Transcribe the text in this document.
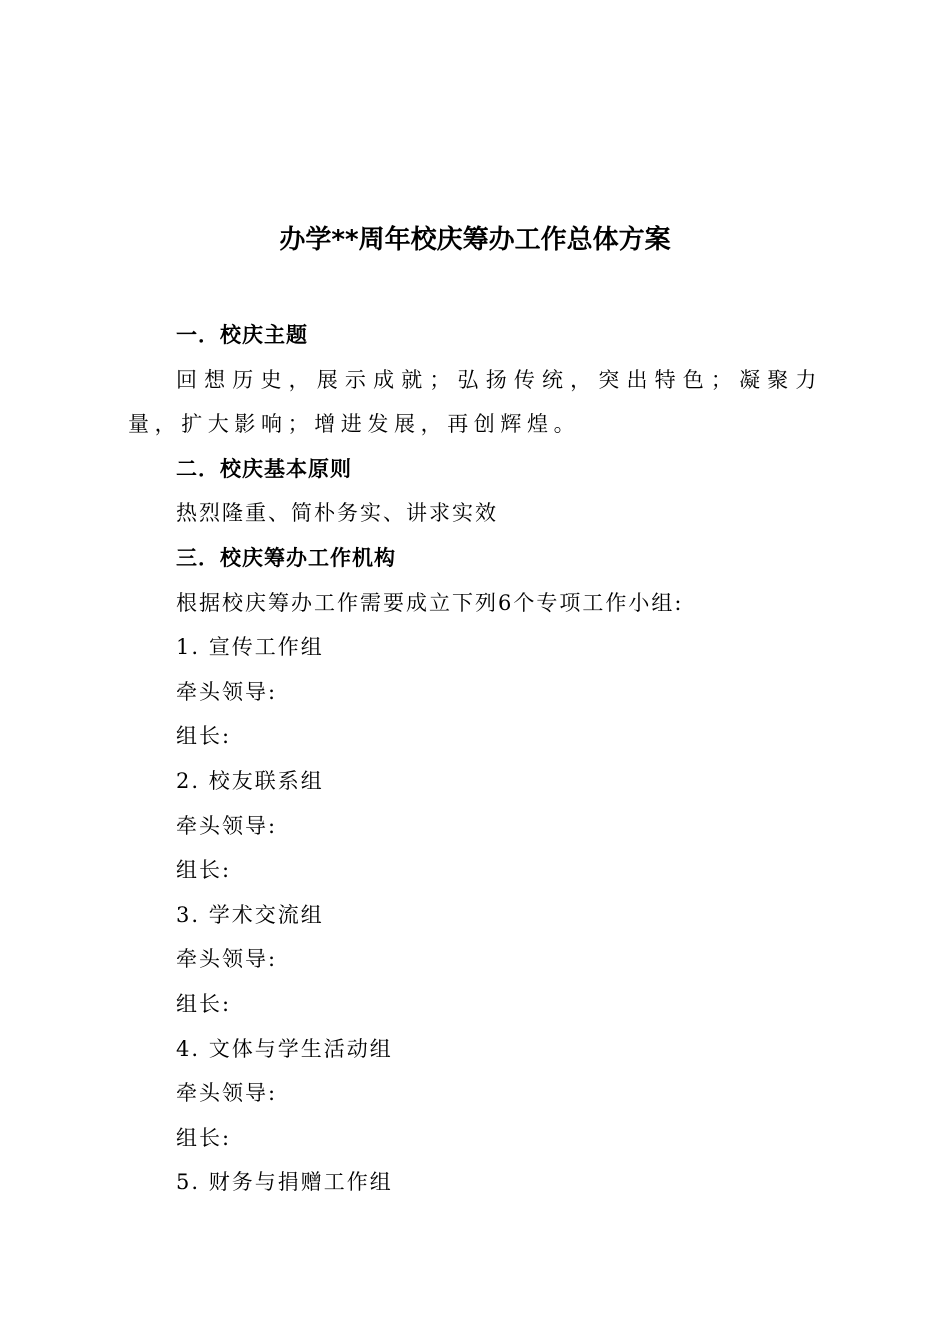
办学**周年校庆筹办工作总体方案
一．校庆主题
回想历史，展示成就；弘扬传统，突出特色；凝聚力量，扩大影响；增进发展，再创辉煌。
二．校庆基本原则
热烈隆重、简朴务实、讲求实效
三．校庆筹办工作机构
根据校庆筹办工作需要成立下列6个专项工作小组:
1. 宣传工作组
牵头领导:
组长:
2. 校友联系组
牵头领导:
组长:
3. 学术交流组
牵头领导:
组长:
4. 文体与学生活动组
牵头领导:
组长:
5. 财务与捐赠工作组
